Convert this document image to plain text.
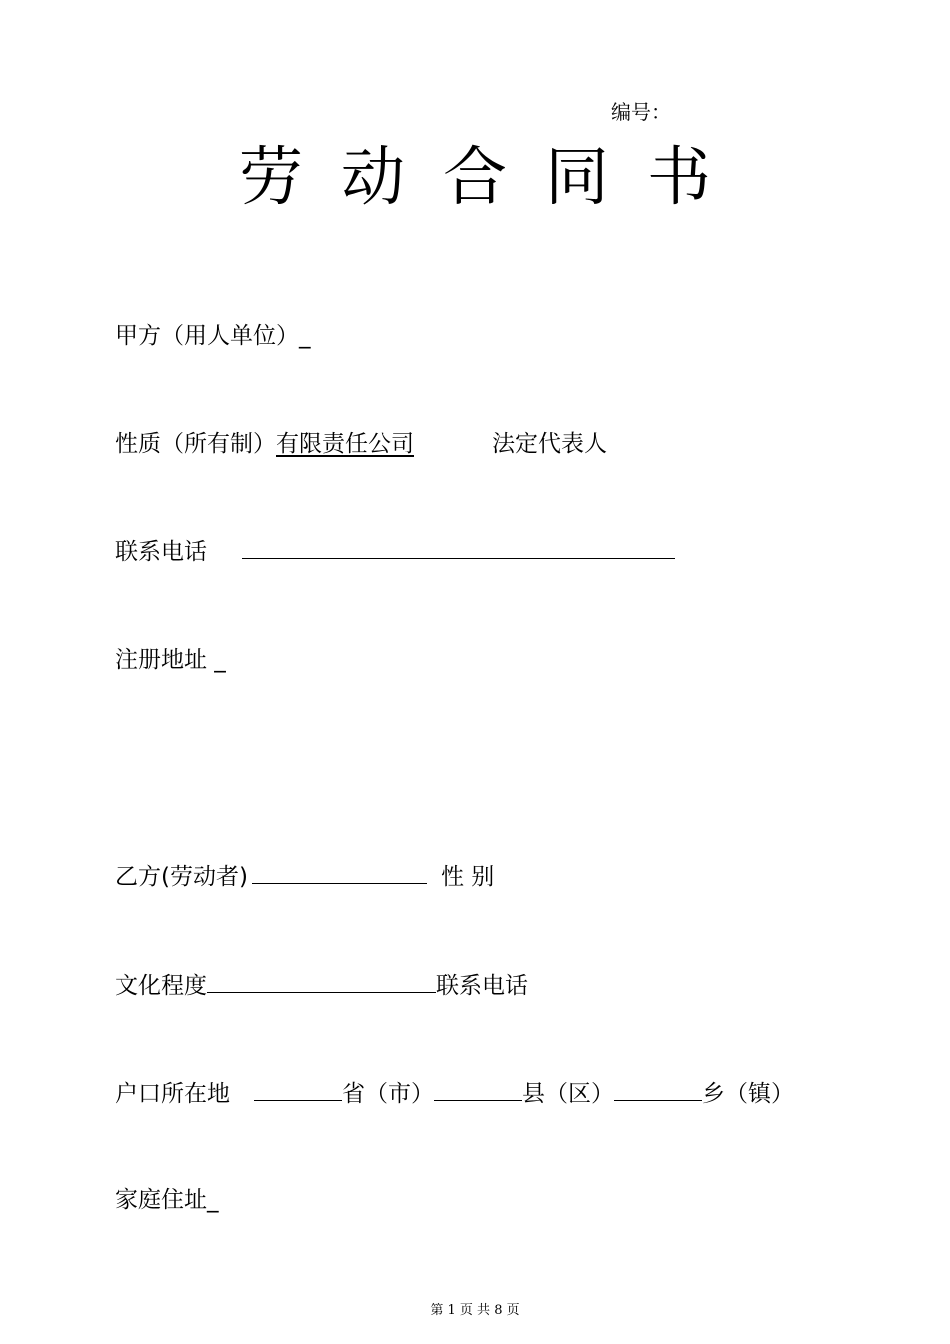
编号：
劳动合同书
甲方（用人单位）_
性质（所有制）有限责任公司	法定代表人
联系电话
注册地址 _
乙方(劳动者)	性 别
文化程度	联系电话
户口所在地	省（市）	县（区）	乡（镇）
家庭住址_
第 1 页 共 8 页
